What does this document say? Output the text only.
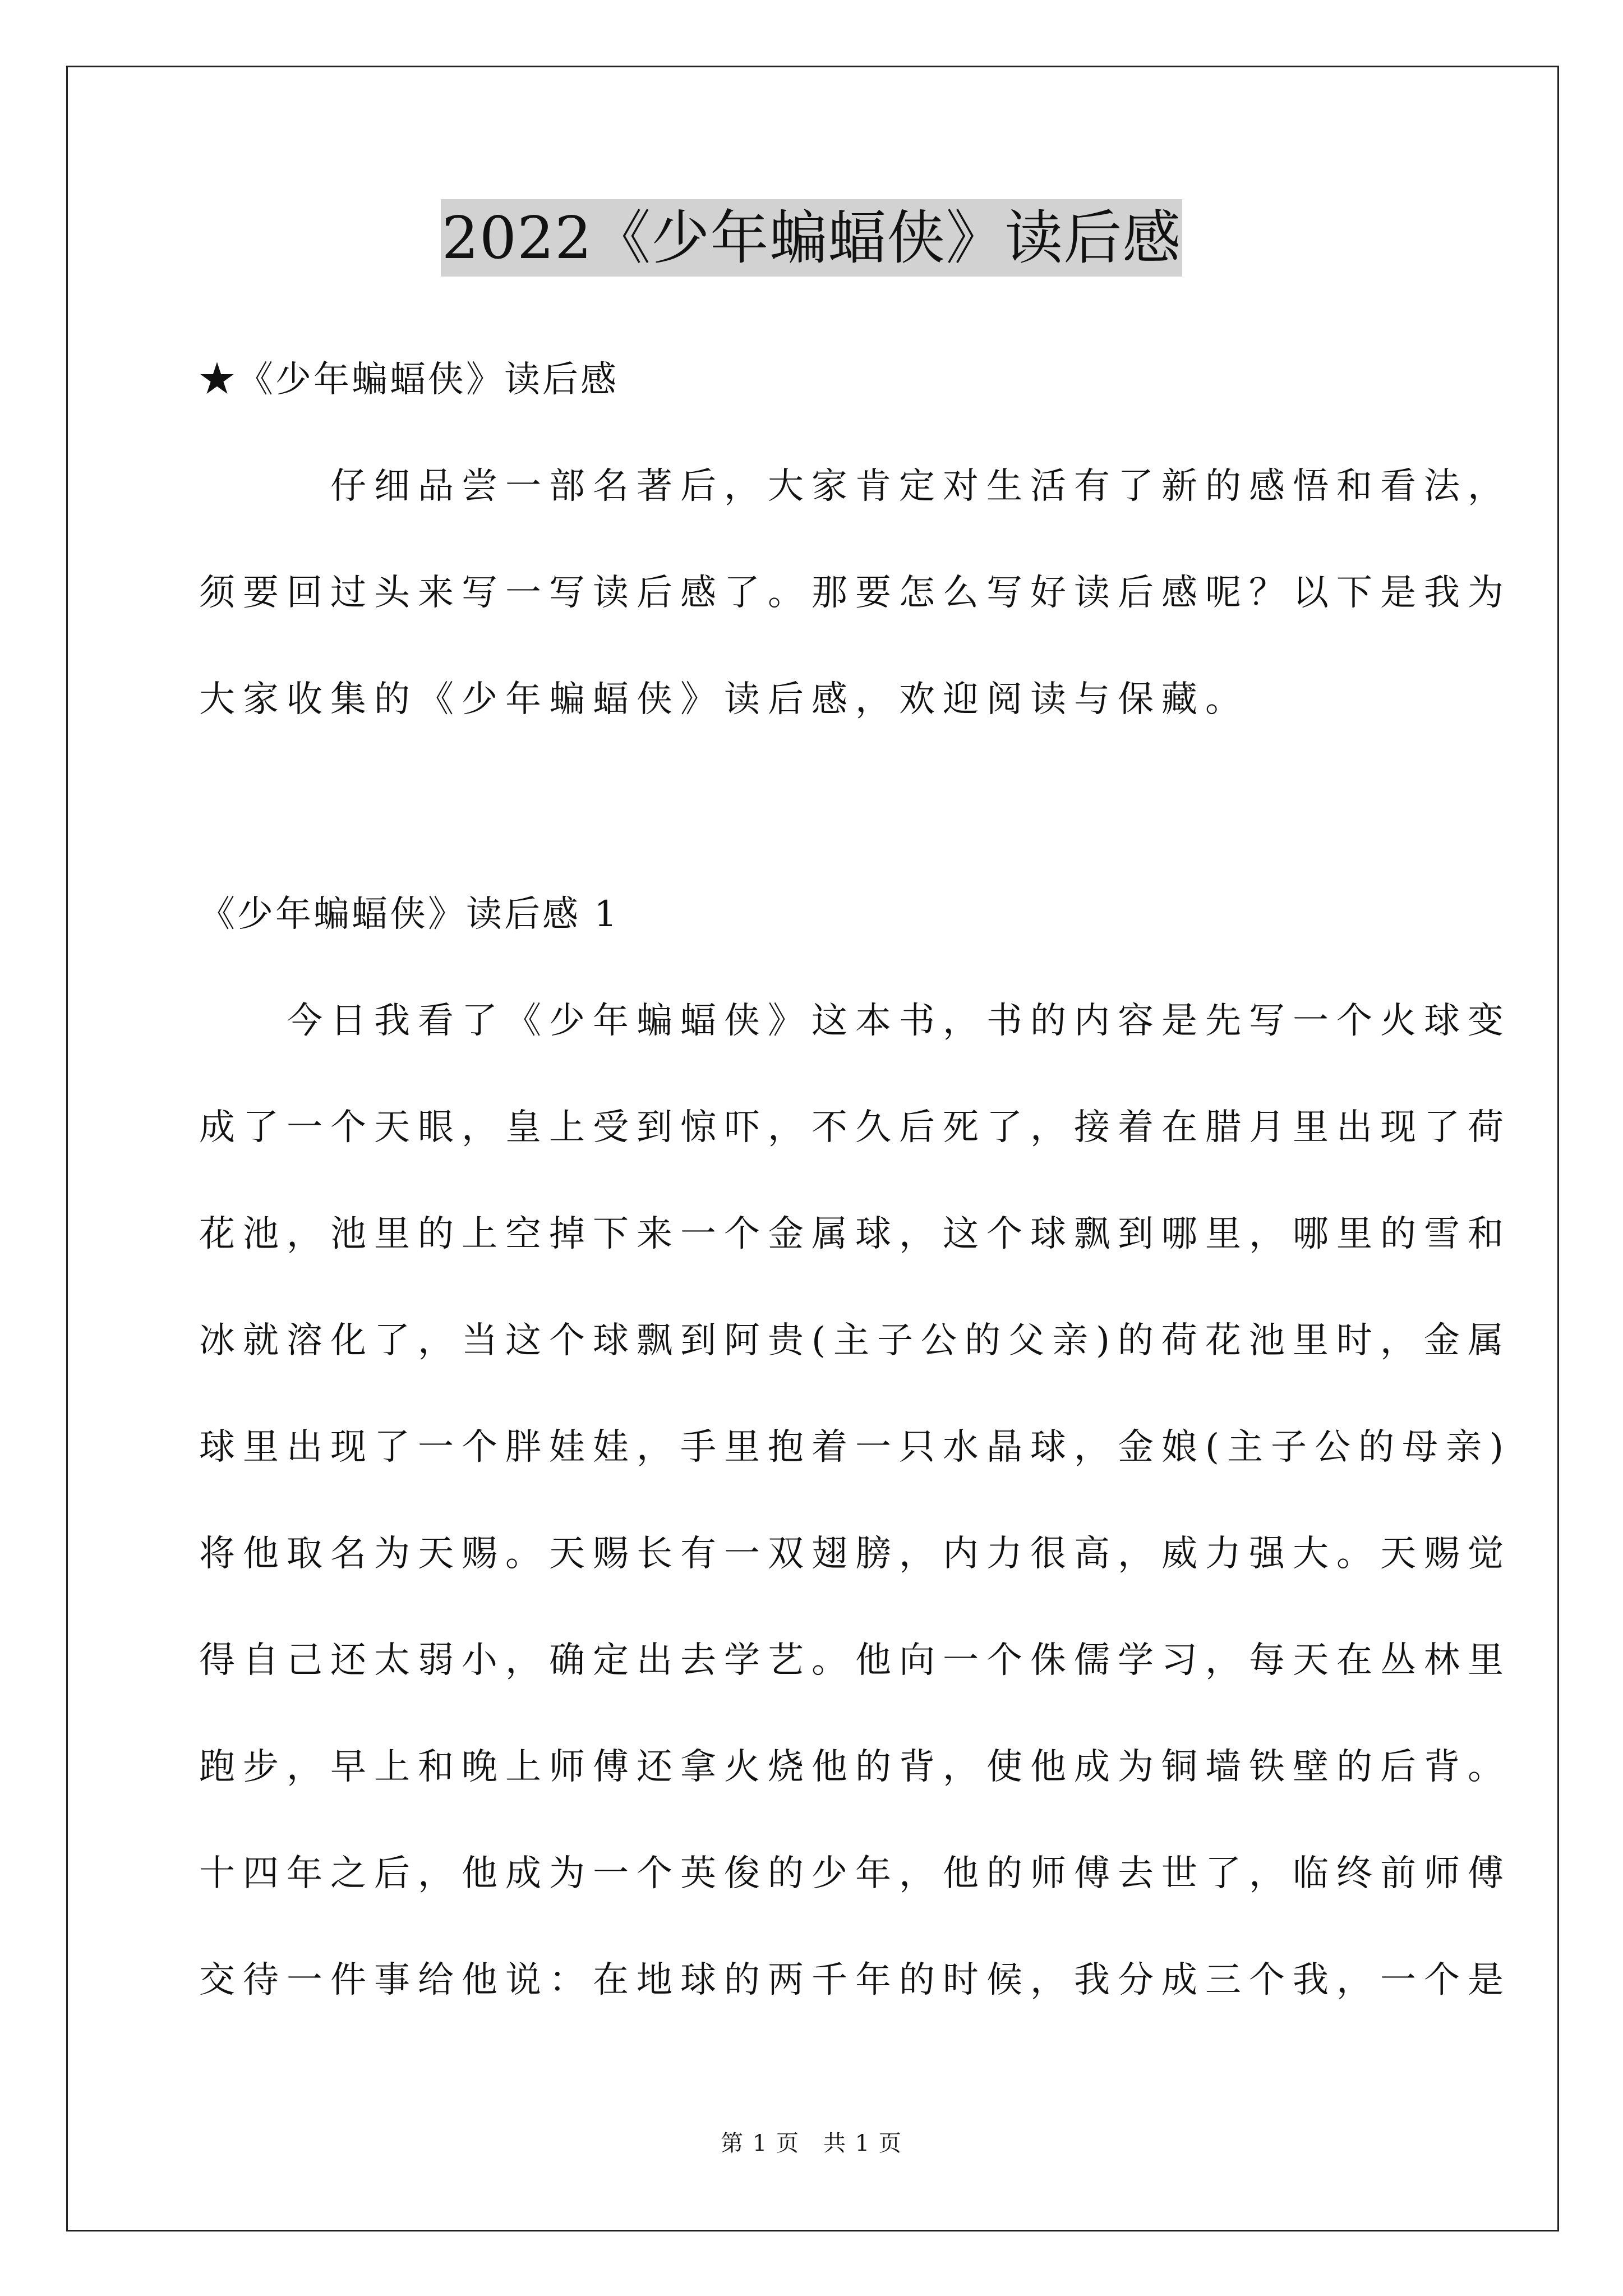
2022《少年蝙蝠侠》读后感
★《少年蝙蝠侠》读后感
　　　仔细品尝一部名著后，大家肯定对生活有了新的感悟和看法，
须要回过头来写一写读后感了。那要怎么写好读后感呢？以下是我为
大家收集的《少年蝙蝠侠》读后感，欢迎阅读与保藏。
《少年蝙蝠侠》读后感 1
　　今日我看了《少年蝙蝠侠》这本书，书的内容是先写一个火球变
成了一个天眼，皇上受到惊吓，不久后死了，接着在腊月里出现了荷
花池，池里的上空掉下来一个金属球，这个球飘到哪里，哪里的雪和
冰就溶化了，当这个球飘到阿贵(主子公的父亲)的荷花池里时，金属
球里出现了一个胖娃娃，手里抱着一只水晶球，金娘(主子公的母亲)
将他取名为天赐。天赐长有一双翅膀，内力很高，威力强大。天赐觉
得自己还太弱小，确定出去学艺。他向一个侏儒学习，每天在丛林里
跑步，早上和晚上师傅还拿火烧他的背，使他成为铜墙铁壁的后背。
十四年之后，他成为一个英俊的少年，他的师傅去世了，临终前师傅
交待一件事给他说：在地球的两千年的时候，我分成三个我，一个是
第 1 页　共 1 页
